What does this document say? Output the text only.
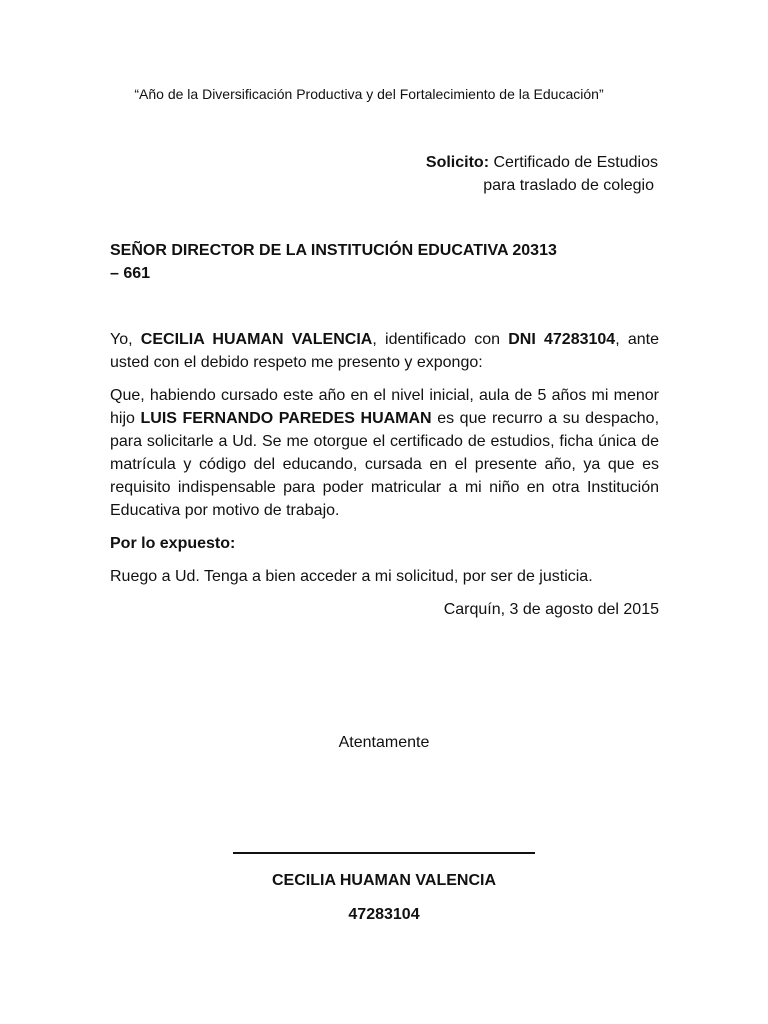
“Año de la Diversificación Productiva y del Fortalecimiento de la Educación”
Solicito: Certificado de Estudios
para traslado de colegio
SEÑOR DIRECTOR DE LA INSTITUCIÓN EDUCATIVA 20313
– 661

Yo, CECILIA HUAMAN VALENCIA, identificado con DNI 47283104, ante usted con el debido respeto me presento y expongo:

Que, habiendo cursado este año en el nivel inicial, aula de 5 años mi menor hijo LUIS FERNANDO PAREDES HUAMAN es que recurro a su despacho, para solicitarle a Ud. Se me otorgue el certificado de estudios, ficha única de matrícula y código del educando, cursada en el presente año, ya que es requisito indispensable para poder matricular a mi niño en otra Institución Educativa por motivo de trabajo.

Por lo expuesto:

Ruego a Ud. Tenga a bien acceder a mi solicitud, por ser de justicia.

Carquín, 3 de agosto del 2015

Atentamente
CECILIA HUAMAN VALENCIA
47283104
